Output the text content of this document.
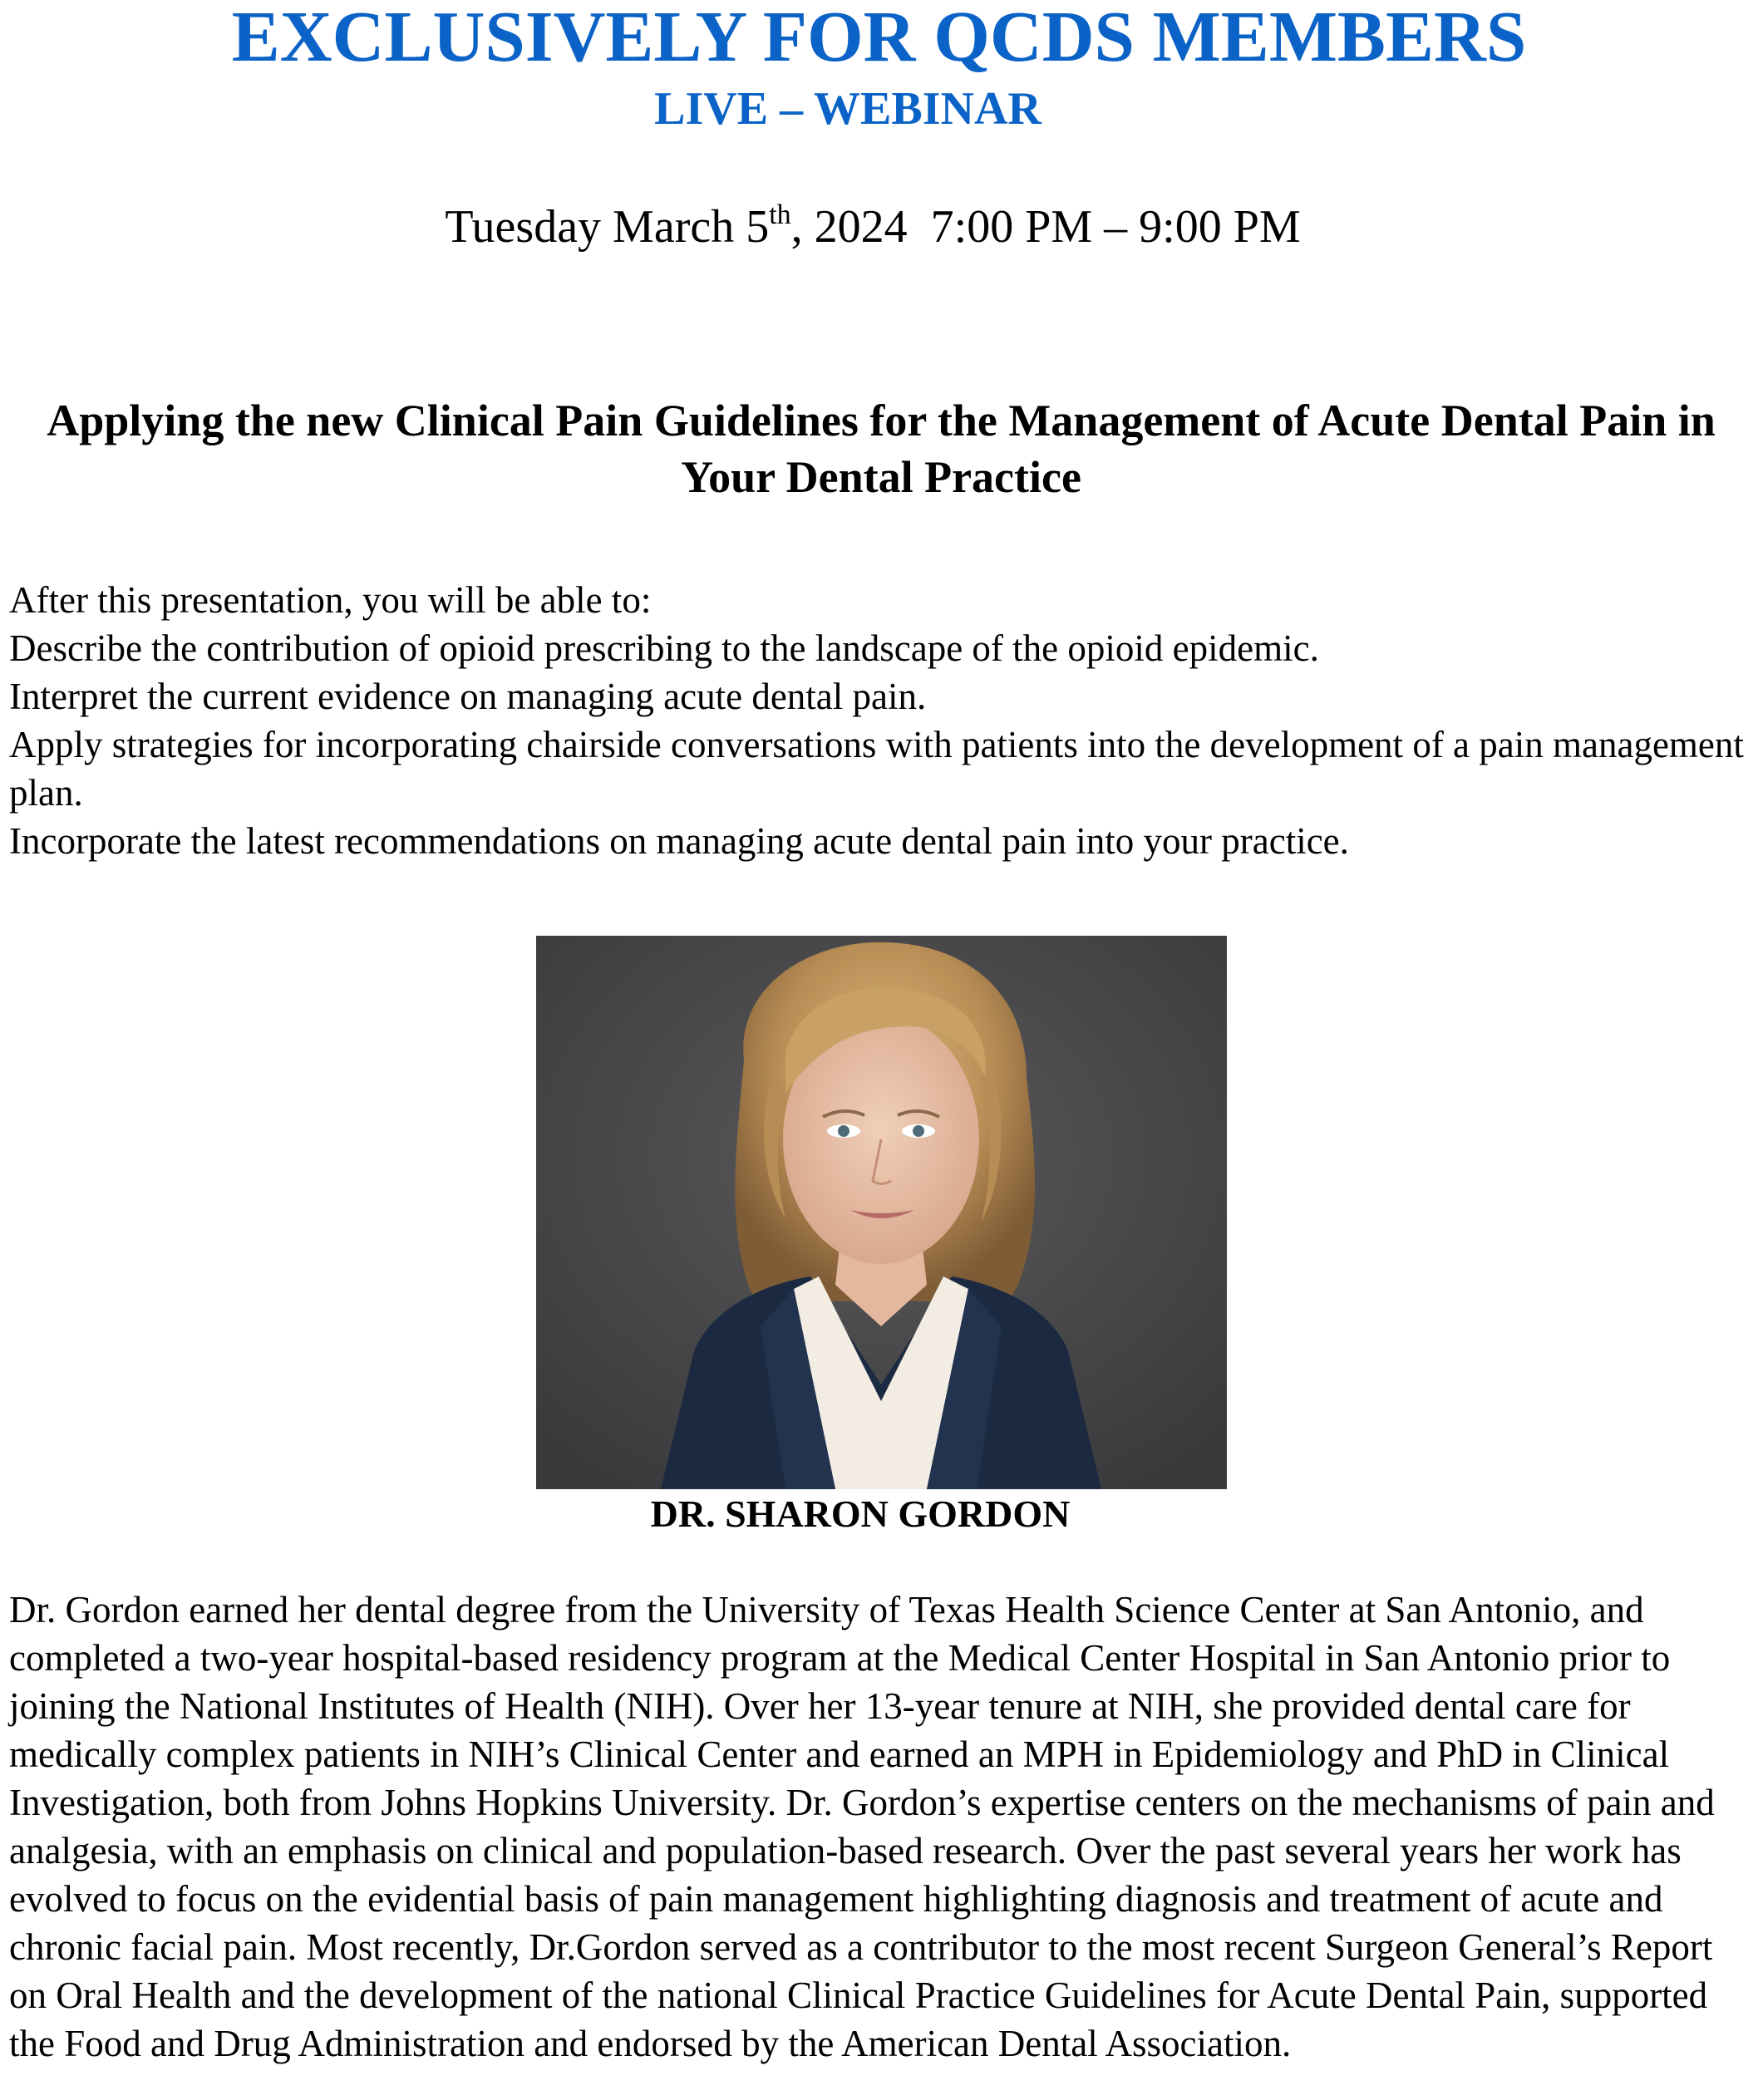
EXCLUSIVELY FOR QCDS MEMBERS
LIVE – WEBINAR

Tuesday March 5th, 2024  7:00 PM – 9:00 PM

Applying the new Clinical Pain Guidelines for the Management of Acute Dental Pain in Your Dental Practice

After this presentation, you will be able to:

Describe the contribution of opioid prescribing to the landscape of the opioid epidemic.

Interpret the current evidence on managing acute dental pain.

Apply strategies for incorporating chairside conversations with patients into the development of a pain management plan.

Incorporate the latest recommendations on managing acute dental pain into your practice.

DR. SHARON GORDON

Dr. Gordon earned her dental degree from the University of Texas Health Science Center at San Antonio, and completed a two-year hospital-based residency program at the Medical Center Hospital in San Antonio prior to joining the National Institutes of Health (NIH). Over her 13-year tenure at NIH, she provided dental care for medically complex patients in NIH’s Clinical Center and earned an MPH in Epidemiology and PhD in Clinical Investigation, both from Johns Hopkins University. Dr. Gordon’s expertise centers on the mechanisms of pain and analgesia, with an emphasis on clinical and population-based research. Over the past several years her work has evolved to focus on the evidential basis of pain management highlighting diagnosis and treatment of acute and chronic facial pain. Most recently, Dr.Gordon served as a contributor to the most recent Surgeon General’s Report on Oral Health and the development of the national Clinical Practice Guidelines for Acute Dental Pain, supported the Food and Drug Administration and endorsed by the American Dental Association.
